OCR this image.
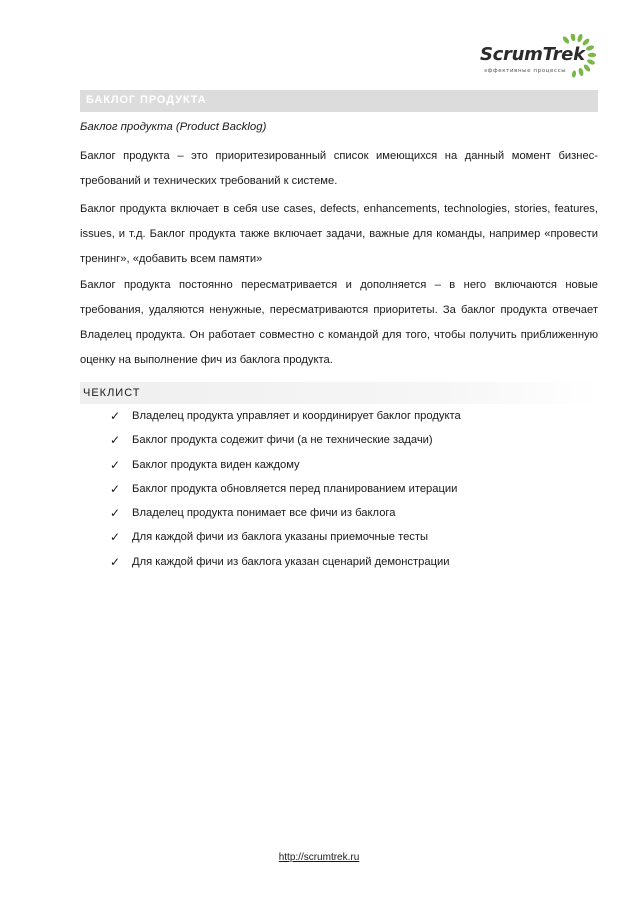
ScrumTrek
эффективные процессы
БАКЛОГ ПРОДУКТА
Баклог продукта (Product Backlog)
Баклог продукта – это приоритезированный список имеющихся на данный момент бизнес-требований и технических требований к системе.
Баклог продукта включает в себя use cases, defects, enhancements, technologies, stories, features, issues, и т.д. Баклог продукта также включает задачи, важные для команды, например «провести тренинг», «добавить всем памяти»
Баклог продукта постоянно пересматривается и дополняется – в него включаются новые требования, удаляются ненужные, пересматриваются приоритеты. За баклог продукта отвечает Владелец продукта. Он работает совместно с командой для того, чтобы получить приближенную оценку на выполнение фич из баклога продукта.
ЧЕКЛИСТ
✓ Владелец продукта управляет и координирует баклог продукта
✓ Баклог продукта содежит фичи (а не технические задачи)
✓ Баклог продукта виден каждому
✓ Баклог продукта обновляется перед планированием итерации
✓ Владелец продукта понимает все фичи из баклога
✓ Для каждой фичи из баклога указаны приемочные тесты
✓ Для каждой фичи из баклога указан сценарий демонстрации
http://scrumtrek.ru
